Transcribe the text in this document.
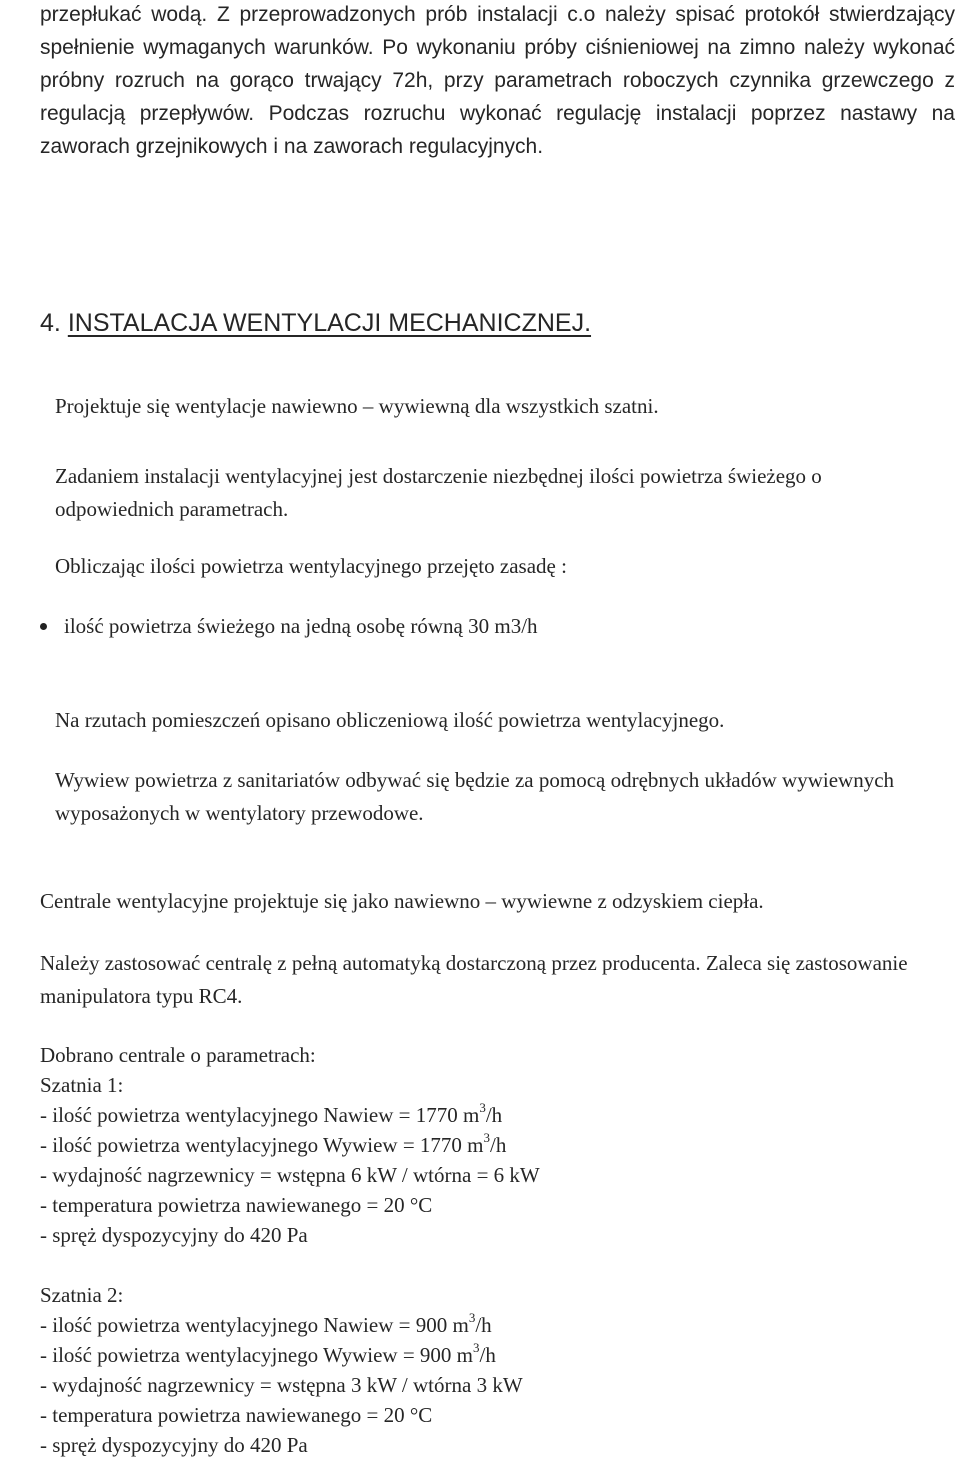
przepłukać wodą. Z przeprowadzonych prób instalacji c.o należy spisać protokół stwierdzający spełnienie wymaganych warunków. Po wykonaniu próby ciśnieniowej na zimno należy wykonać próbny rozruch na gorąco trwający 72h, przy parametrach roboczych czynnika grzewczego z regulacją przepływów. Podczas rozruchu wykonać regulację instalacji poprzez nastawy na zaworach grzejnikowych i na zaworach regulacyjnych.
4. INSTALACJA WENTYLACJI MECHANICZNEJ.
Projektuje się wentylacje nawiewno – wywiewną dla wszystkich szatni.
Zadaniem instalacji wentylacyjnej jest dostarczenie niezbędnej ilości powietrza świeżego o odpowiednich parametrach.
Obliczając ilości powietrza wentylacyjnego przejęto zasadę :
ilość powietrza świeżego na jedną osobę równą 30 m3/h
Na rzutach pomieszczeń opisano obliczeniową ilość powietrza wentylacyjnego.
Wywiew powietrza z sanitariatów odbywać się będzie za pomocą odrębnych układów wywiewnych wyposażonych w wentylatory przewodowe.
Centrale wentylacyjne projektuje się jako nawiewno – wywiewne z odzyskiem ciepła.
Należy zastosować centralę z pełną automatyką dostarczoną przez producenta. Zaleca się zastosowanie manipulatora typu RC4.
Dobrano centrale o parametrach:
Szatnia 1:
- ilość powietrza wentylacyjnego Nawiew = 1770 $m^3/h$
- ilość powietrza wentylacyjnego Wywiew = 1770 $m^3/h$
- wydajność nagrzewnicy = wstępna 6 kW / wtórna = 6 kW
- temperatura powietrza nawiewanego = 20 °C
- spręż dyspozycyjny do 420 Pa
Szatnia 2:
- ilość powietrza wentylacyjnego Nawiew = 900 $m^3/h$
- ilość powietrza wentylacyjnego Wywiew = 900 $m^3/h$
- wydajność nagrzewnicy = wstępna 3 kW / wtórna 3 kW
- temperatura powietrza nawiewanego = 20 °C
- spręż dyspozycyjny do 420 Pa
